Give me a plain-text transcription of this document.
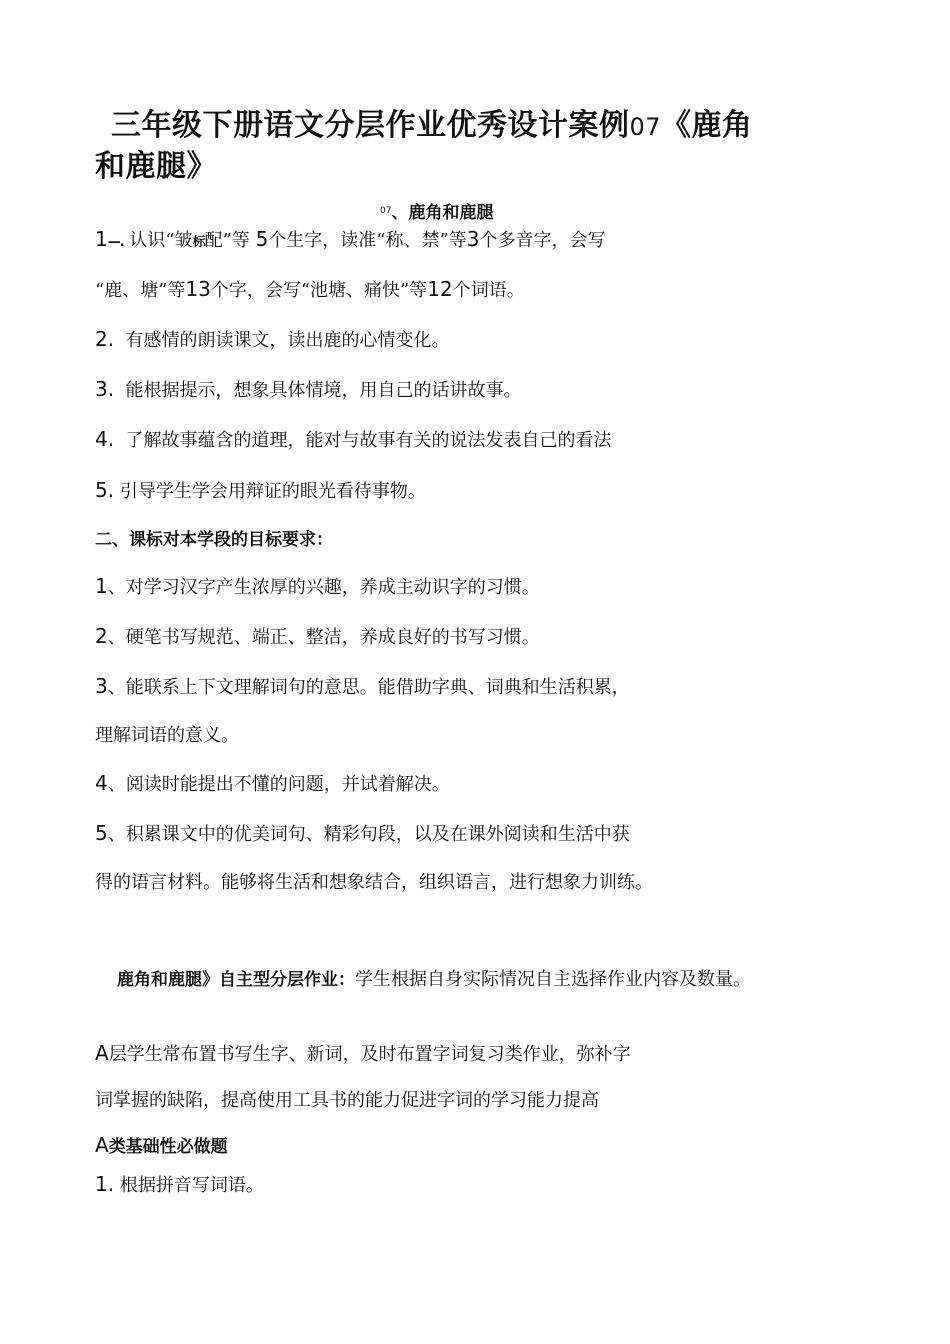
三年级下册语文分层作业优秀设计案例07《鹿角
和鹿腿》
$^{07}$、鹿角和鹿腿
1—. 认识“皱标配”等 5个生字，读准“称、禁”等3个多音字，会写
“鹿、塘”等13个字，会写“池塘、痛快”等12个词语。
2. 有感情的朗读课文，读出鹿的心情变化。
3. 能根据提示，想象具体情境，用自己的话讲故事。
4. 了解故事蕴含的道理，能对与故事有关的说法发表自己的看法
5. 引导学生学会用辩证的眼光看待事物。
二、课标对本学段的目标要求：
1、对学习汉字产生浓厚的兴趣，养成主动识字的习惯。
2、硬笔书写规范、端正、整洁，养成良好的书写习惯。
3、能联系上下文理解词句的意思。能借助字典、词典和生活积累，
理解词语的意义。
4、阅读时能提出不懂的问题，并试着解决。
5、积累课文中的优美词句、精彩句段，以及在课外阅读和生活中获
得的语言材料。能够将生活和想象结合，组织语言，进行想象力训练。
鹿角和鹿腿》自主型分层作业：学生根据自身实际情况自主选择作业内容及数量。
A层学生常布置书写生字、新词，及时布置字词复习类作业，弥补字
词掌握的缺陷，提高使用工具书的能力促进字词的学习能力提高
A类基础性必做题
1. 根据拼音写词语。
